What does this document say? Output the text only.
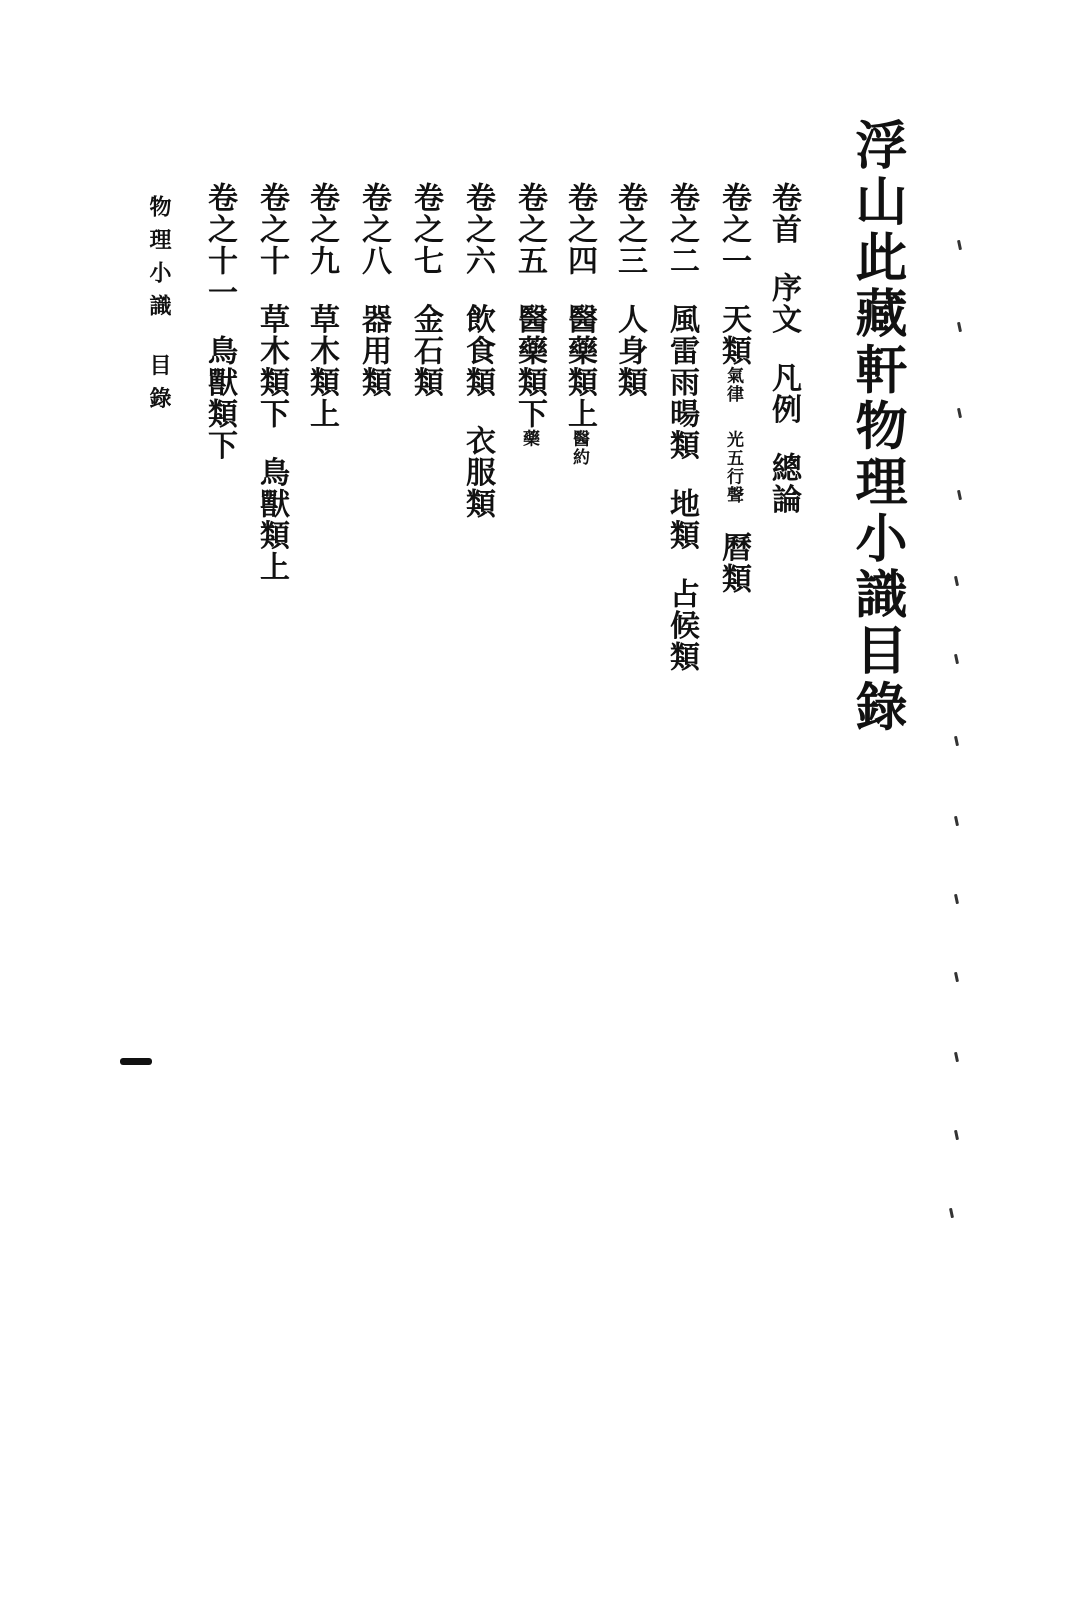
浮山此藏軒物理小識目錄
卷首序文凡例總論
卷之一天類氣律光五行聲曆類
卷之二風雷雨暘類地類占候類
卷之三人身類
卷之四醫藥類上醫約
卷之五醫藥類下藥
卷之六飲食類衣服類
卷之七金石類
卷之八器用類
卷之九草木類上
卷之十草木類下鳥獸類上
卷之十一鳥獸類下
物理小識目錄
